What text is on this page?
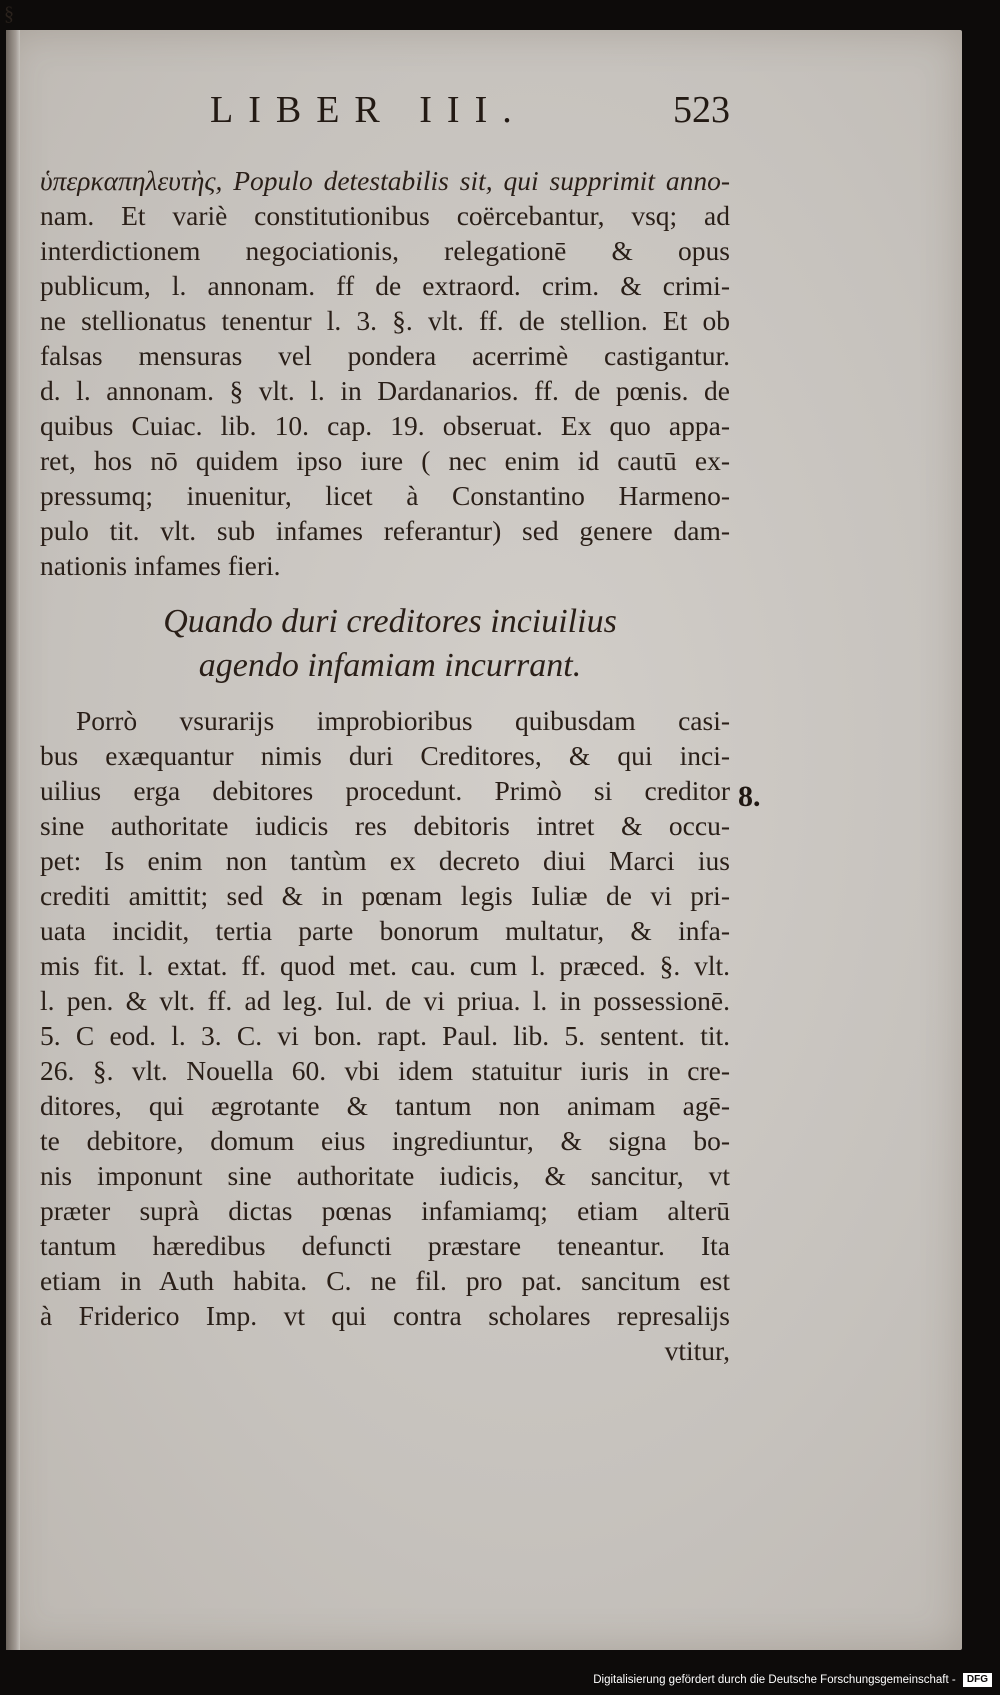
§
LIBER III.	523
ὑπερκαπηλευτὴς, Populo detestabilis sit, qui supprimit anno-
nam. Et variè constitutionibus coërcebantur, vsq; ad
interdictionem negociationis, relegationē & opus
publicum, l. annonam. ff de extraord. crim. & crimi-
ne stellionatus tenentur l. 3. §. vlt. ff. de stellion. Et ob
falsas mensuras vel pondera acerrimè castigantur.
d. l. annonam. § vlt. l. in Dardanarios. ff. de pœnis. de
quibus Cuiac. lib. 10. cap. 19. obseruat. Ex quo appa-
ret, hos nō quidem ipso iure ( nec enim id cautū ex-
pressumq; inuenitur, licet à Constantino Harmeno-
pulo tit. vlt. sub infames referantur) sed genere dam-
nationis infames fieri.
Quando duri creditores inciuilius
agendo infamiam incurrant.
Porrò vsurarijs improbioribus quibusdam casi-
bus exæquantur nimis duri Creditores, & qui inci-
uilius erga debitores procedunt. Primò si creditor
sine authoritate iudicis res debitoris intret & occu-
pet: Is enim non tantùm ex decreto diui Marci ius
crediti amittit; sed & in pœnam legis Iuliæ de vi pri-
uata incidit, tertia parte bonorum multatur, & infa-
mis fit. l. extat. ff. quod met. cau. cum l. præced. §. vlt.
l. pen. & vlt. ff. ad leg. Iul. de vi priua. l. in possessionē.
5. C eod. l. 3. C. vi bon. rapt. Paul. lib. 5. sentent. tit.
26. §. vlt. Nouella 60. vbi idem statuitur iuris in cre-
ditores, qui ægrotante & tantum non animam agē-
te debitore, domum eius ingrediuntur, & signa bo-
nis imponunt sine authoritate iudicis, & sancitur, vt
præter suprà dictas pœnas infamiamq; etiam alterū
tantum hæredibus defuncti præstare teneantur. Ita
etiam in Auth habita. C. ne fil. pro pat. sancitum est
à Friderico Imp. vt qui contra scholares represalijs
vtitur,
8.
Digitalisierung gefördert durch die Deutsche Forschungsgemeinschaft - DFG
